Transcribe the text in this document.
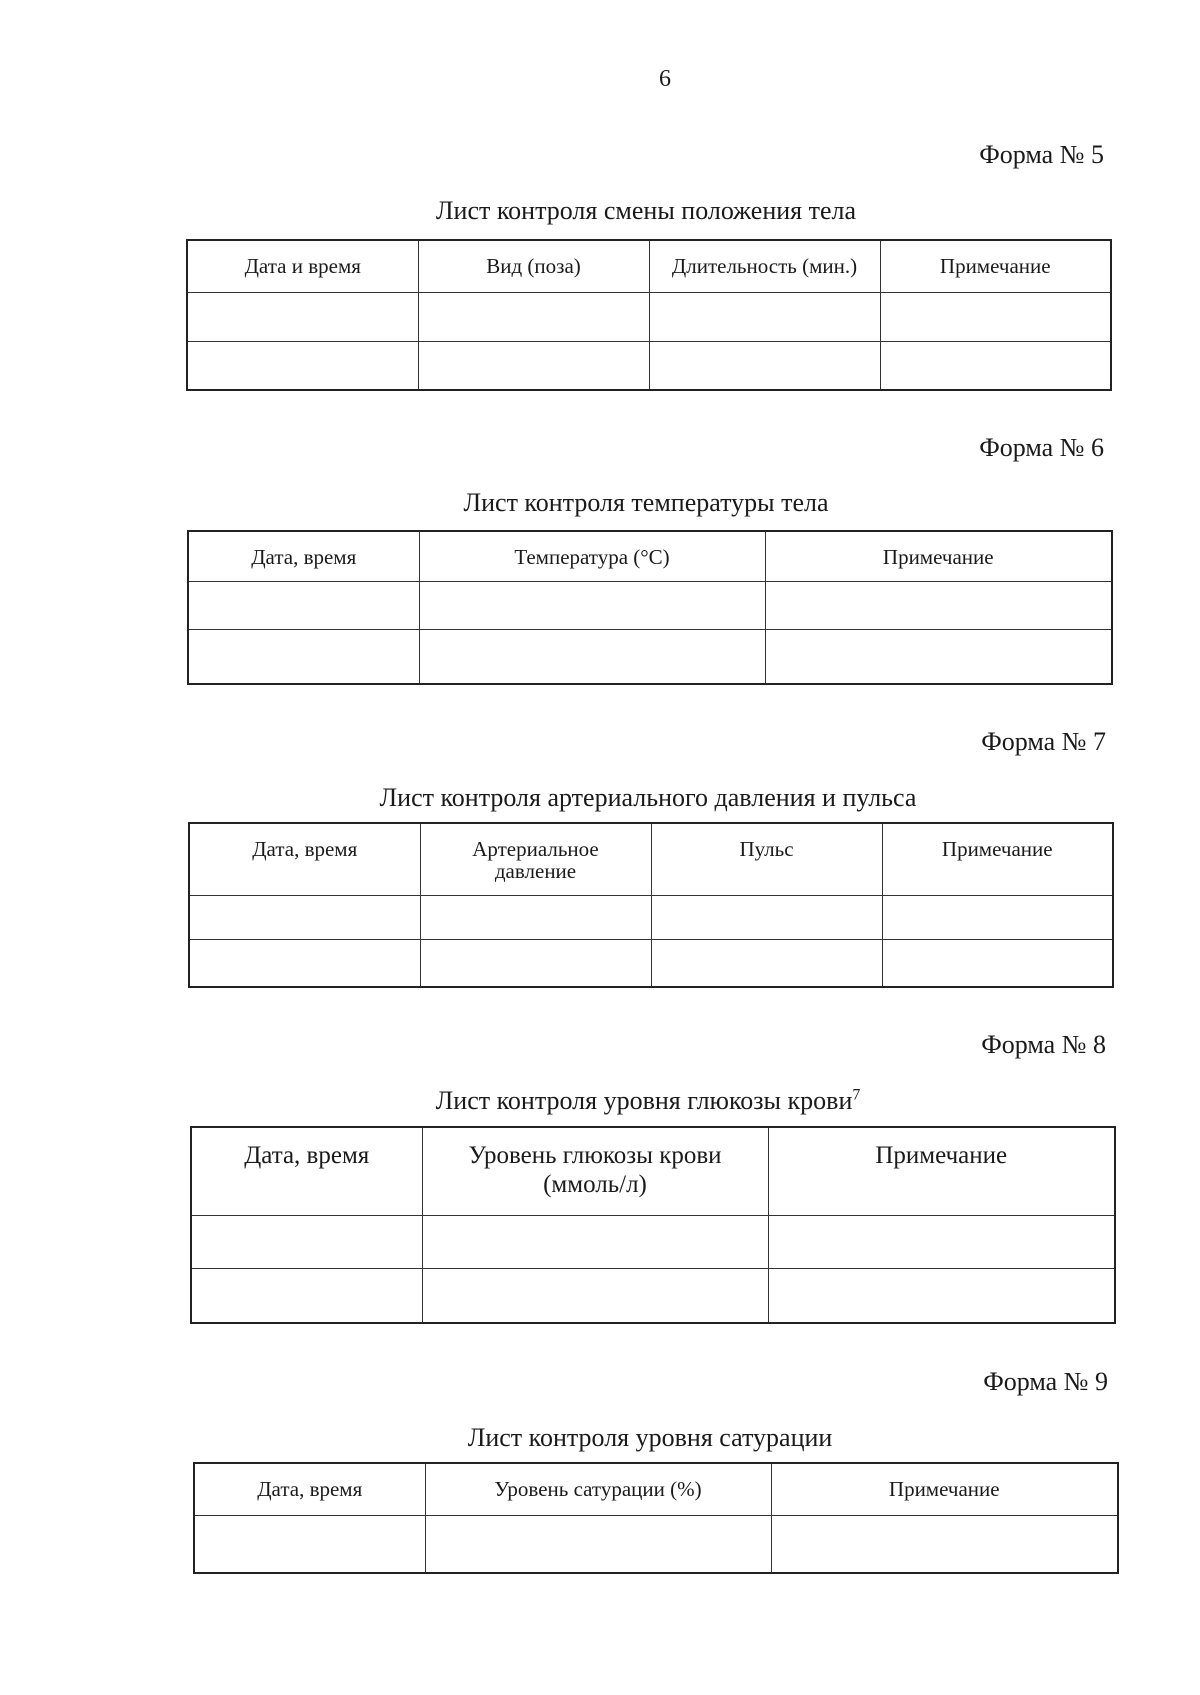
6
Форма № 5
Лист контроля смены положения тела
Дата и время	Вид (поза)	Длительность (мин.)	Примечание

Форма № 6
Лист контроля температуры тела
Дата, время	Температура (°С)	Примечание

Форма № 7
Лист контроля артериального давления и пульса
Дата, время	Артериальное давление	Пульс	Примечание

Форма № 8
Лист контроля уровня глюкозы крови$^7$
Дата, время	Уровень глюкозы крови (ммоль/л)	Примечание

Форма № 9
Лист контроля уровня сатурации
Дата, время	Уровень сатурации (%)	Примечание
